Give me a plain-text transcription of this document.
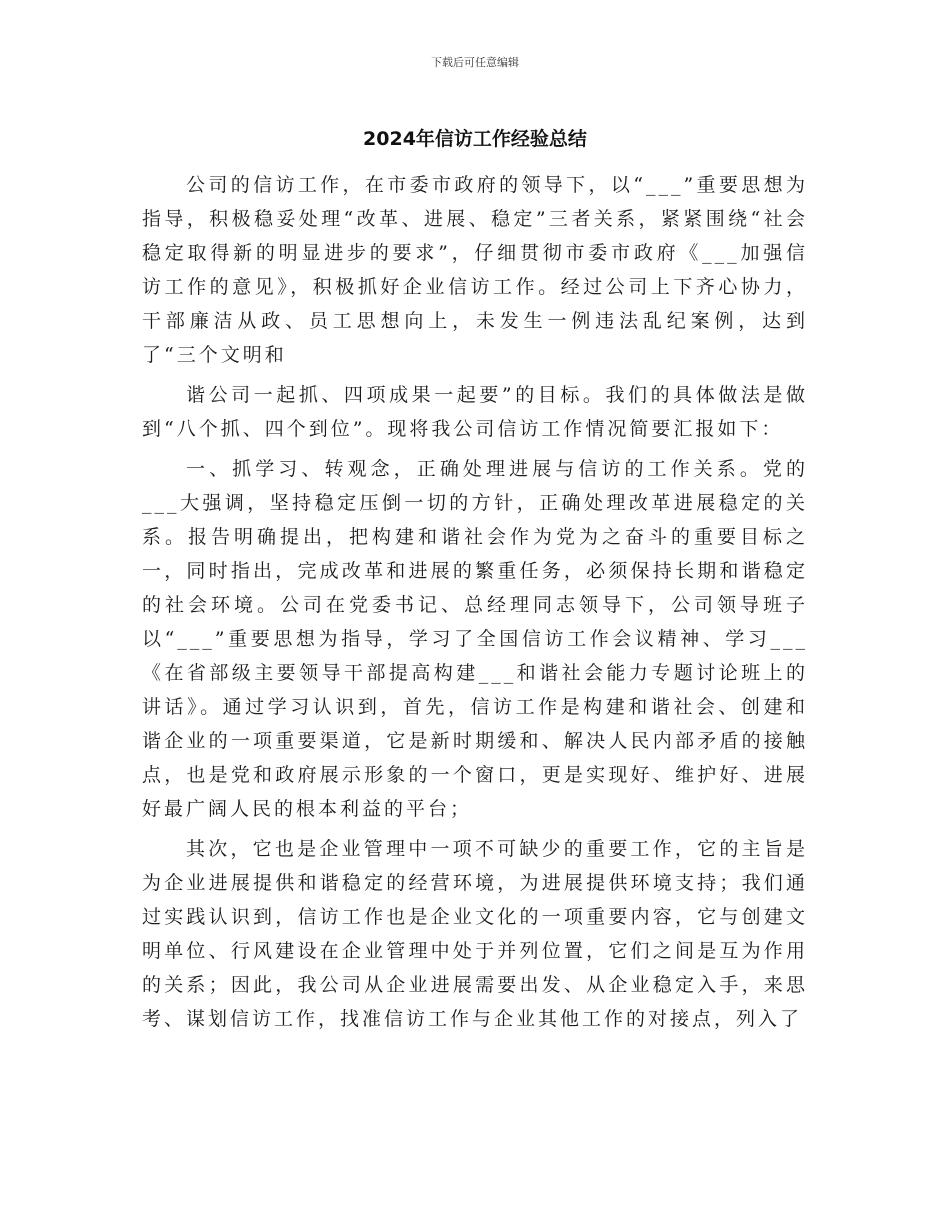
下载后可任意编辑
2024年信访工作经验总结

公司的信访工作，在市委市政府的领导下，以“___”重要思想为指导，积极稳妥处理“改革、进展、稳定”三者关系，紧紧围绕“社会稳定取得新的明显进步的要求”，仔细贯彻市委市政府《___加强信访工作的意见》，积极抓好企业信访工作。经过公司上下齐心协力，干部廉洁从政、员工思想向上，未发生一例违法乱纪案例，达到了“三个文明和

谐公司一起抓、四项成果一起要”的目标。我们的具体做法是做到“八个抓、四个到位”。现将我公司信访工作情况简要汇报如下：

一、抓学习、转观念，正确处理进展与信访的工作关系。党的___大强调，坚持稳定压倒一切的方针，正确处理改革进展稳定的关系。报告明确提出，把构建和谐社会作为党为之奋斗的重要目标之一，同时指出，完成改革和进展的繁重任务，必须保持长期和谐稳定的社会环境。公司在党委书记、总经理同志领导下，公司领导班子以“___”重要思想为指导，学习了全国信访工作会议精神、学习___《在省部级主要领导干部提高构建___和谐社会能力专题讨论班上的讲话》。通过学习认识到，首先，信访工作是构建和谐社会、创建和谐企业的一项重要渠道，它是新时期缓和、解决人民内部矛盾的接触点，也是党和政府展示形象的一个窗口，更是实现好、维护好、进展好最广阔人民的根本利益的平台；

其次，它也是企业管理中一项不可缺少的重要工作，它的主旨是为企业进展提供和谐稳定的经营环境，为进展提供环境支持；我们通过实践认识到，信访工作也是企业文化的一项重要内容，它与创建文明单位、行风建设在企业管理中处于并列位置，它们之间是互为作用的关系；因此，我公司从企业进展需要出发、从企业稳定入手，来思考、谋划信访工作，找准信访工作与企业其他工作的对接点，列入了
